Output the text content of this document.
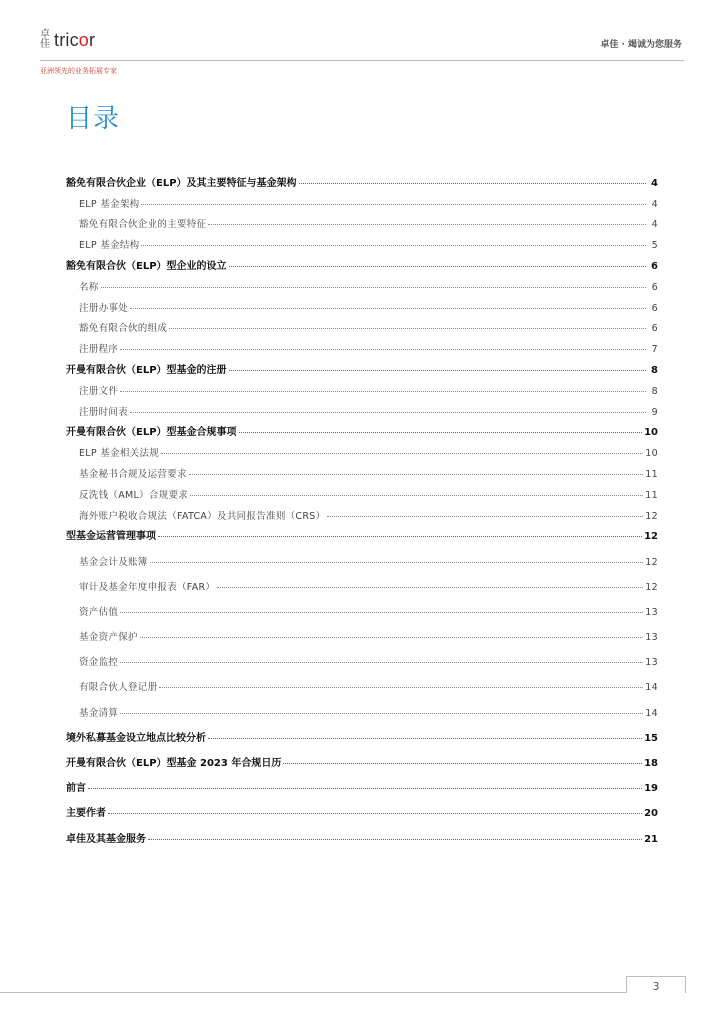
卓佳 tricor
亚洲领先的业务拓展专家
卓佳 · 竭诚为您服务
目录
豁免有限合伙企业（ELP）及其主要特征与基金架构	4
ELP 基金架构	4
豁免有限合伙企业的主要特征	4
ELP 基金结构	5
豁免有限合伙（ELP）型企业的设立	6
名称	6
注册办事处	6
豁免有限合伙的组成	6
注册程序	7
开曼有限合伙（ELP）型基金的注册	8
注册文件	8
注册时间表	9
开曼有限合伙（ELP）型基金合规事项	10
ELP 基金相关法规	10
基金秘书合规及运营要求	11
反洗钱（AML）合规要求	11
海外账户税收合规法（FATCA）及共同报告准则（CRS）	12
型基金运营管理事项	12
基金会计及账簿	12
审计及基金年度申报表（FAR）	12
资产估值	13
基金资产保护	13
资金监控	13
有限合伙人登记册	14
基金清算	14
境外私募基金设立地点比较分析	15
开曼有限合伙（ELP）型基金 2023 年合规日历	18
前言	19
主要作者	20
卓佳及其基金服务	21
3
